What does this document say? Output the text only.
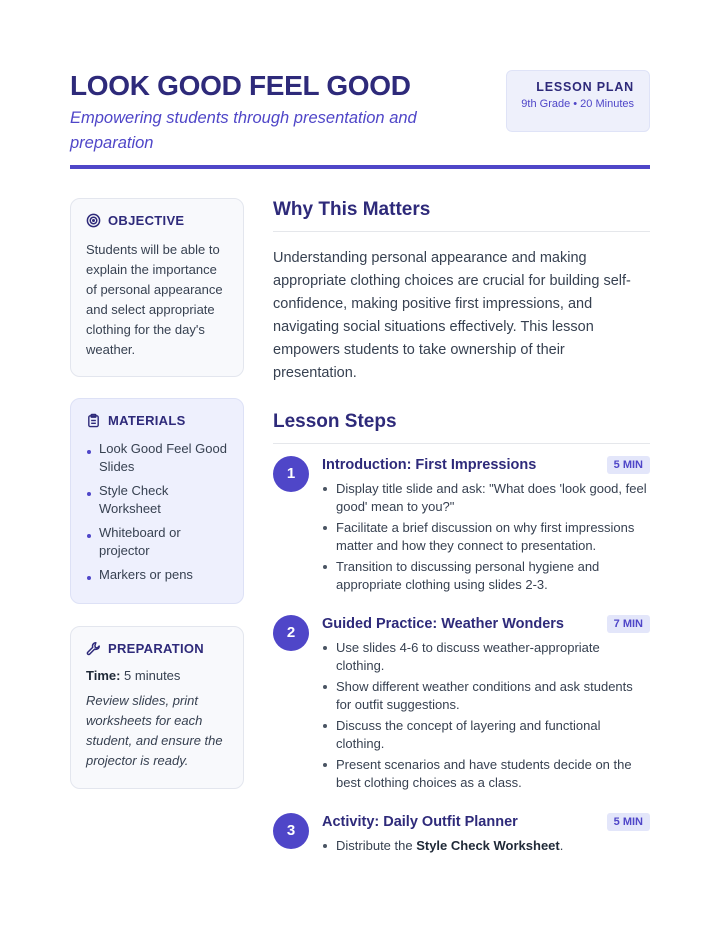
LOOK GOOD FEEL GOOD
Empowering students through presentation and preparation
LESSON PLAN
9th Grade • 20 Minutes
OBJECTIVE
Students will be able to explain the importance of personal appearance and select appropriate clothing for the day's weather.
MATERIALS
Look Good Feel Good Slides
Style Check Worksheet
Whiteboard or projector
Markers or pens
PREPARATION
Time: 5 minutes
Review slides, print worksheets for each student, and ensure the projector is ready.
Why This Matters

Understanding personal appearance and making appropriate clothing choices are crucial for building self-confidence, making positive first impressions, and navigating social situations effectively. This lesson empowers students to take ownership of their presentation.

Lesson Steps
1	Introduction: First Impressions	5 MIN
Display title slide and ask: "What does 'look good, feel good' mean to you?"
Facilitate a brief discussion on why first impressions matter and how they connect to presentation.
Transition to discussing personal hygiene and appropriate clothing using slides 2-3.
2	Guided Practice: Weather Wonders	7 MIN
Use slides 4-6 to discuss weather-appropriate clothing.
Show different weather conditions and ask students for outfit suggestions.
Discuss the concept of layering and functional clothing.
Present scenarios and have students decide on the best clothing choices as a class.
3	Activity: Daily Outfit Planner	5 MIN
Distribute the Style Check Worksheet.
